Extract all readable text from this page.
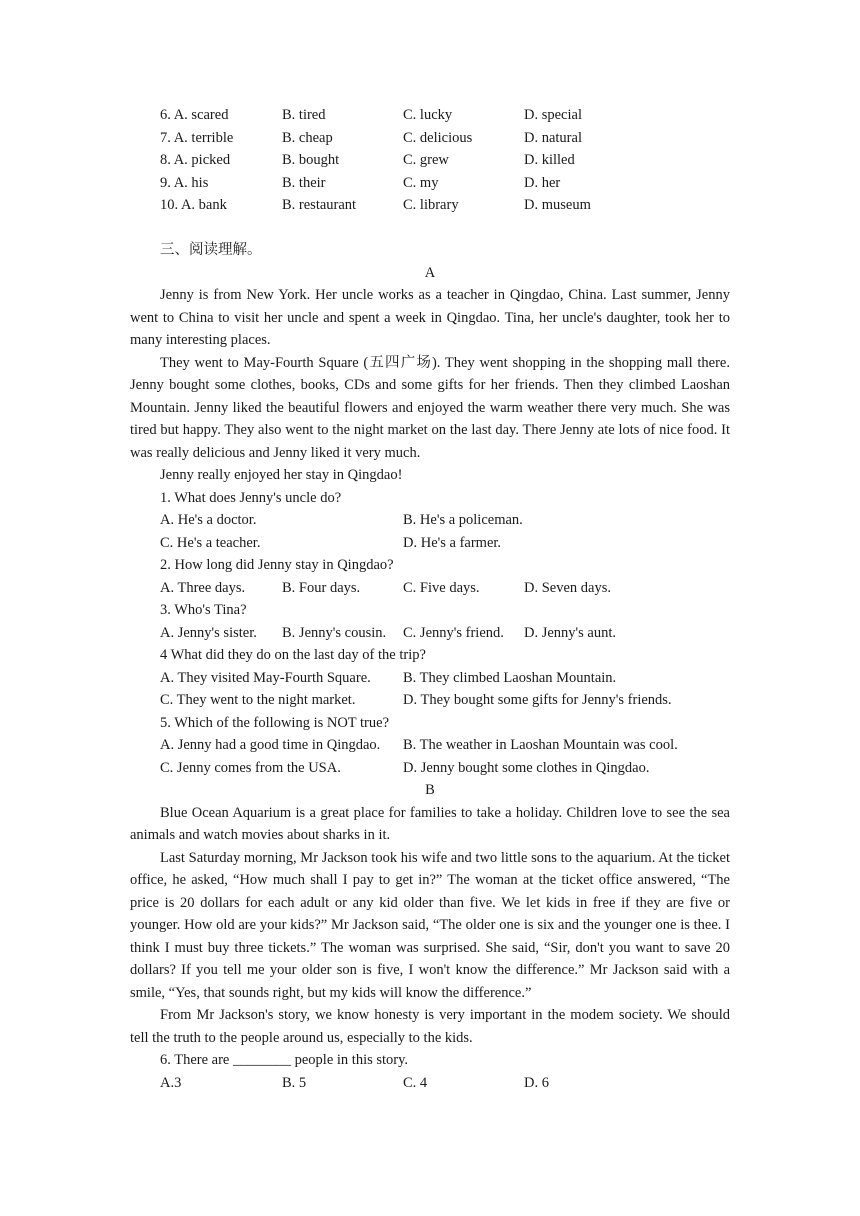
6. A. scared	B. tired	C. lucky	D. special
7. A. terrible	B. cheap	C. delicious	D. natural
8. A. picked	B. bought	C. grew	D. killed
9. A. his	B. their	C. my	D. her
10. A. bank	B. restaurant	C. library	D. museum
三、阅读理解。
A

Jenny is from New York. Her uncle works as a teacher in Qingdao, China. Last summer, Jenny went to China to visit her uncle and spent a week in Qingdao. Tina, her uncle's daughter, took her to many interesting places.

They went to May-Fourth Square (五四广场). They went shopping in the shopping mall there. Jenny bought some clothes, books, CDs and some gifts for her friends. Then they climbed Laoshan Mountain. Jenny liked the beautiful flowers and enjoyed the warm weather there very much. She was tired but happy. They also went to the night market on the last day. There Jenny ate lots of nice food. It was really delicious and Jenny liked it very much.

Jenny really enjoyed her stay in Qingdao!

1. What does Jenny's uncle do?
A. He's a doctor.	B. He's a policeman.
C. He's a teacher.	D. He's a farmer.
2. How long did Jenny stay in Qingdao?
A. Three days.	B. Four days.	C. Five days.	D. Seven days.
3. Who's Tina?
A. Jenny's sister. B. Jenny's cousin. C. Jenny's friend. D. Jenny's aunt.
4 What did they do on the last day of the trip?
A. They visited May-Fourth Square. B. They climbed Laoshan Mountain.
C. They went to the night market.	D. They bought some gifts for Jenny's friends.
5. Which of the following is NOT true?
A. Jenny had a good time in Qingdao. B. The weather in Laoshan Mountain was cool.
C. Jenny comes from the USA.	D. Jenny bought some clothes in Qingdao.
B

Blue Ocean Aquarium is a great place for families to take a holiday. Children love to see the sea animals and watch movies about sharks in it.

Last Saturday morning, Mr Jackson took his wife and two little sons to the aquarium. At the ticket office, he asked, “How much shall I pay to get in?” The woman at the ticket office answered, “The price is 20 dollars for each adult or any kid older than five. We let kids in free if they are five or younger. How old are your kids?” Mr Jackson said, “The older one is six and the younger one is thee. I think I must buy three tickets.” The woman was surprised. She said, “Sir, don't you want to save 20 dollars? If you tell me your older son is five, I won't know the difference.” Mr Jackson said with a smile, “Yes, that sounds right, but my kids will know the difference.”

From Mr Jackson's story, we know honesty is very important in the modem society. We should tell the truth to the people around us, especially to the kids.

6. There are ________ people in this story.
A.3	B. 5	C. 4	D. 6
